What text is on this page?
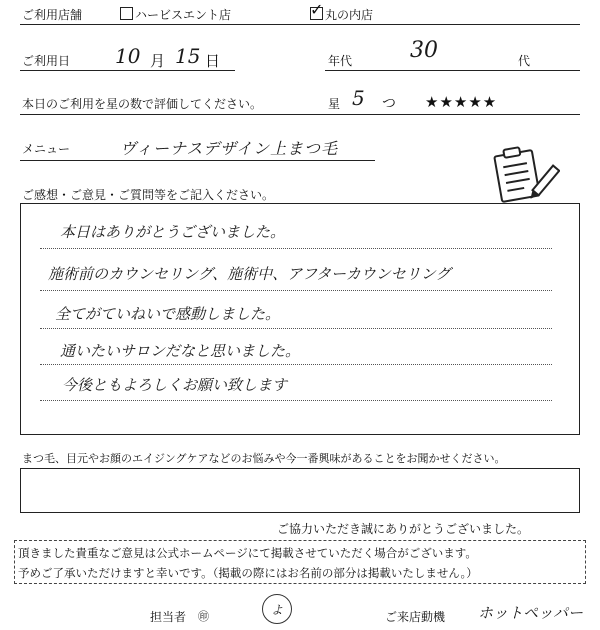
ご利用店舗	ハービスエント店
✓	丸の内店
ご利用日 10 月 15 日	年代	30	代
本日のご利用を星の数で評価してください。	星 5 つ ★★★★★
メニュー	ヴィーナスデザイン上まつ毛
ご感想・ご意見・ご質問等をご記入ください。
本日はありがとうございました。
施術前のカウンセリング、施術中、アフターカウンセリング
全てがていねいで感動しました。
通いたいサロンだなと思いました。
今後ともよろしくお願い致します
まつ毛、目元やお顔のエイジングケアなどのお悩みや今一番興味があることをお聞かせください。
ご協力いただき誠にありがとうございました。
頂きました貴重なご意見は公式ホームページにて掲載させていただく場合がございます。
予めご了承いただけますと幸いです。（掲載の際にはお名前の部分は掲載いたしません。）
担当者 ㊞	よ
ご来店動機 ホットペッパー
